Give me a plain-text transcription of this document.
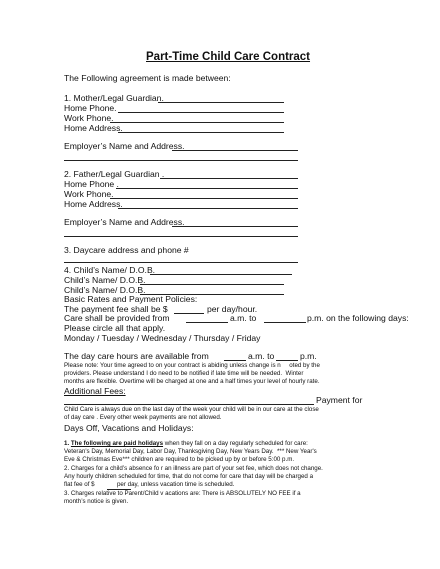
Part-Time Child Care Contract
The Following agreement is made between:
1. Mother/Legal Guardian.
Home Phone.
Work Phone.
Home Address.
Employer’s Name and Address.
2. Father/Legal Guardian .
Home Phone .
Work Phone.
Home Address.
Employer’s Name and Address.
3. Daycare address and phone #
4. Child’s Name/ D.O.B.
Child’s Name/ D.O.B.
Child’s Name/ D.O.B.
Basic Rates and Payment Policies:
The payment fee shall be $	per day/hour.
Care shall be provided from	a.m. to	p.m. on the following days:
Please circle all that apply.
Monday / Tuesday / Wednesday / Thursday / Friday
The day care hours are available from	a.m. to	p.m.
Please note: Your time agreed to on your contract is abiding unless change is n     oted by the
providers. Please understand I do need to be notified if late time will be needed.  Winter
months are flexible. Overtime will be charged at one and a half times your level of hourly rate.
Additional Fees:
Payment for
Child Care is always due on the last day of the week your child will be in our care at the close
of day care . Every other week payments are not allowed.
Days Off, Vacations and Holidays:
1. The following are paid holidays when they fall on a day regularly scheduled for care:
Veteran's Day, Memorial Day, Labor Day, Thanksgiving Day, New Years Day.  *** New Year's
Eve & Christmas Eve*** children are required to be picked up by or before 5:00 p.m.
2. Charges for a child’s absence fo r an illness are part of your set fee, which does not change.
Any hourly children scheduled for time, that do not come for care that day will be charged a
flat fee of $             per day, unless vacation time is scheduled.
3. Charges relative to Parent/Child v acations are: There is ABSOLUTELY NO FEE if a
month’s notice is given.
